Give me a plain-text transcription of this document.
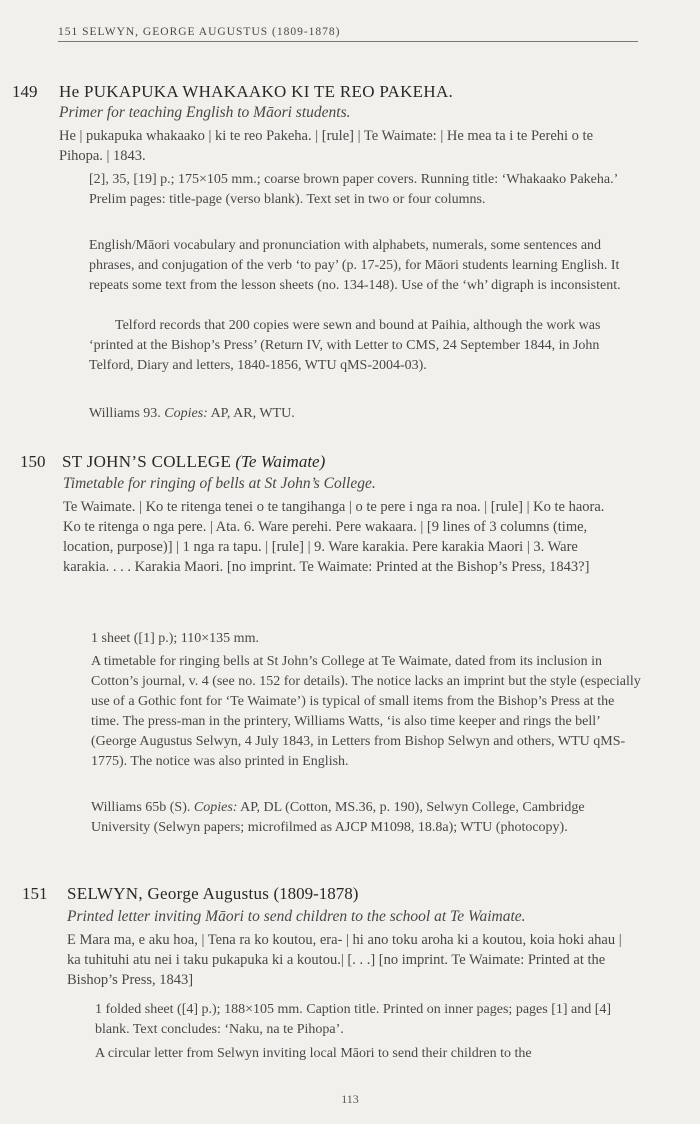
151 SELWYN, GEORGE AUGUSTUS (1809-1878)
149 He PUKAPUKA WHAKAAKO KI TE REO PAKEHA.
Primer for teaching English to Māori students.
He | pukapuka whakaako | ki te reo Pakeha. | [rule] | Te Waimate: | He mea ta i te Perehi o te Pihopa. | 1843.
[2], 35, [19] p.; 175×105 mm.; coarse brown paper covers. Running title: ‘Whakaako Pakeha.’ Prelim pages: title-page (verso blank). Text set in two or four columns.
English/Māori vocabulary and pronunciation with alphabets, numerals, some sentences and phrases, and conjugation of the verb ‘to pay’ (p. 17-25), for Māori students learning English. It repeats some text from the lesson sheets (no. 134-148). Use of the ‘wh’ digraph is inconsistent.
Telford records that 200 copies were sewn and bound at Paihia, although the work was ‘printed at the Bishop’s Press’ (Return IV, with Letter to CMS, 24 September 1844, in John Telford, Diary and letters, 1840-1856, WTU qMS-2004-03).
Williams 93. Copies: AP, AR, WTU.
150 ST JOHN’S COLLEGE (Te Waimate)
Timetable for ringing of bells at St John’s College.
Te Waimate. | Ko te ritenga tenei o te tangihanga | o te pere i nga ra noa. | [rule] | Ko te haora. Ko te ritenga o nga pere. | Ata. 6. Ware perehi. Pere wakaara. | [9 lines of 3 columns (time, location, purpose)] | 1 nga ra tapu. | [rule] | 9. Ware karakia. Pere karakia Maori | 3. Ware karakia. . . . Karakia Maori. [no imprint. Te Waimate: Printed at the Bishop’s Press, 1843?]
1 sheet ([1] p.); 110×135 mm.
A timetable for ringing bells at St John’s College at Te Waimate, dated from its inclusion in Cotton’s journal, v. 4 (see no. 152 for details). The notice lacks an imprint but the style (especially use of a Gothic font for ‘Te Waimate’) is typical of small items from the Bishop’s Press at the time. The press-man in the printery, Williams Watts, ‘is also time keeper and rings the bell’ (George Augustus Selwyn, 4 July 1843, in Letters from Bishop Selwyn and others, WTU qMS-1775). The notice was also printed in English.
Williams 65b (S). Copies: AP, DL (Cotton, MS.36, p. 190), Selwyn College, Cambridge University (Selwyn papers; microfilmed as AJCP M1098, 18.8a); WTU (photocopy).
151 SELWYN, George Augustus (1809-1878)
Printed letter inviting Māori to send children to the school at Te Waimate.
E Mara ma, e aku hoa, | Tena ra ko koutou, era- | hi ano toku aroha ki a koutou, koia hoki ahau | ka tuhituhi atu nei i taku pukapuka ki a koutou.| [. . .] [no imprint. Te Waimate: Printed at the Bishop’s Press, 1843]
1 folded sheet ([4] p.); 188×105 mm. Caption title. Printed on inner pages; pages [1] and [4] blank. Text concludes: ‘Naku, na te Pihopa’.
A circular letter from Selwyn inviting local Māori to send their children to the
113
